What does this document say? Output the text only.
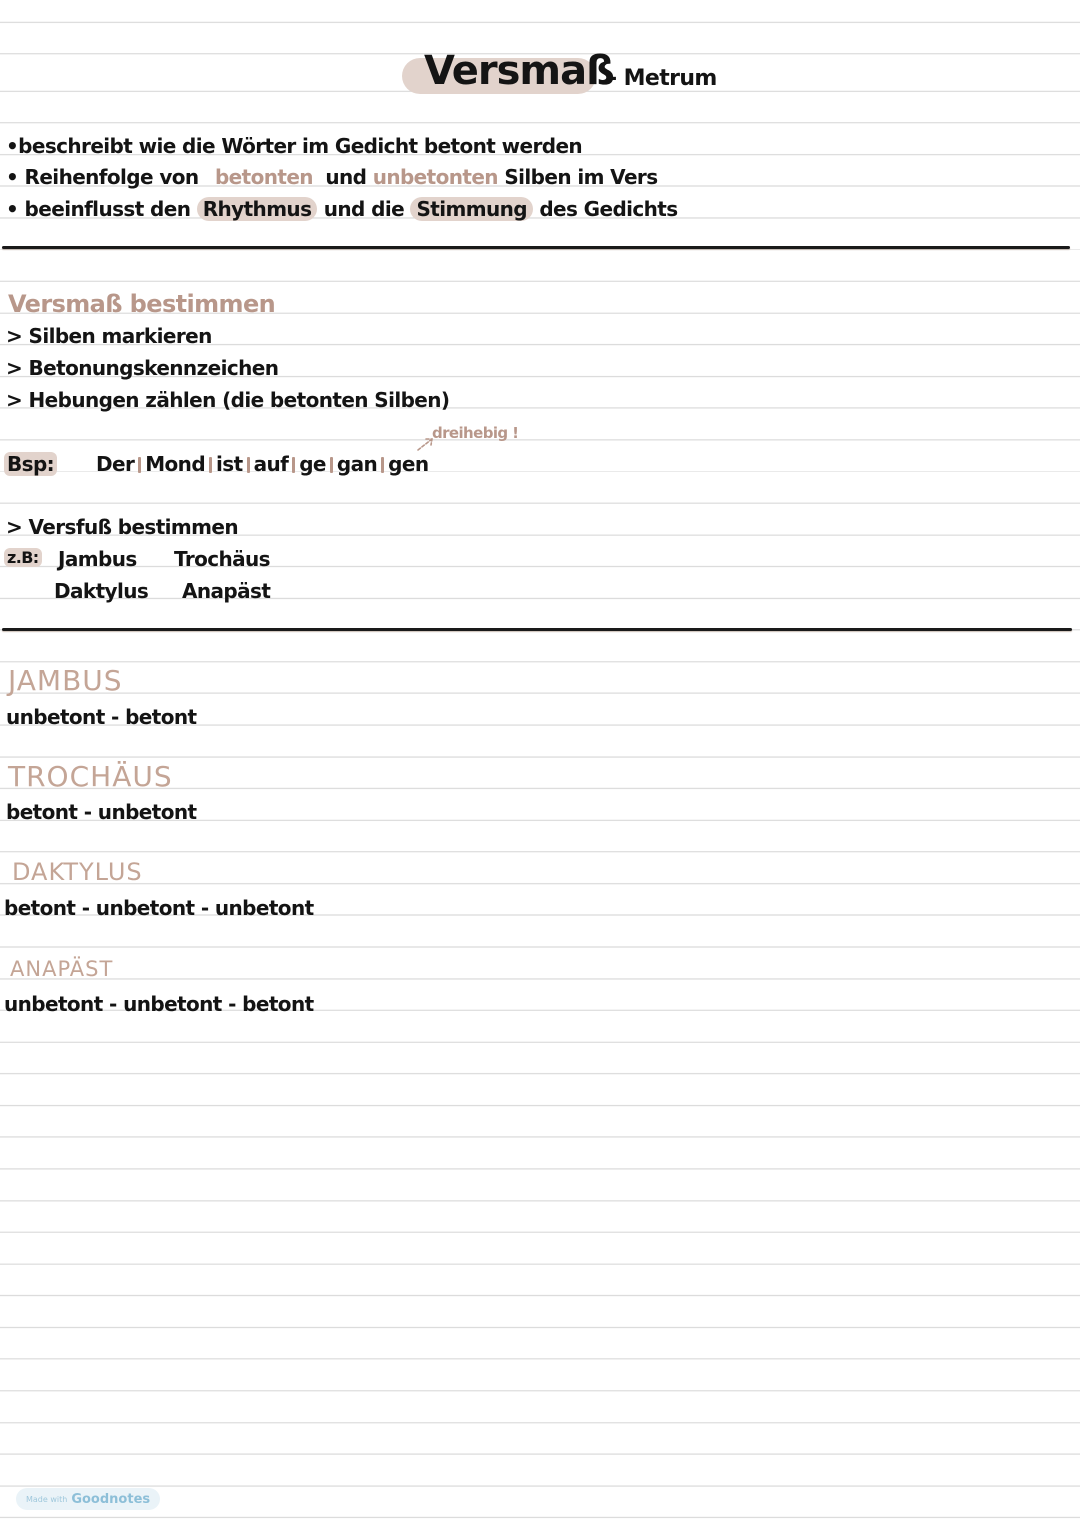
Versmaß
- Metrum
•beschreibt wie die Wörter im Gedicht betont werden
• Reihenfolge von betonten und unbetonten Silben im Vers
• beeinflusst den Rhythmus und die Stimmung des Gedichts
Versmaß bestimmen
> Silben markieren
> Betonungskennzeichen
> Hebungen zählen (die betonten Silben)
dreihebig !
Bsp: Der Mond ist auf ge gan gen
> Versfuß bestimmen
z.B: Jambus Trochäus
Daktylus Anapäst
JAMBUS
unbetont - betont
TROCHÄUS
betont - unbetont
DAKTYLUS
betont - unbetont - unbetont
ANAPÄST
unbetont - unbetont - betont
Made with Goodnotes
